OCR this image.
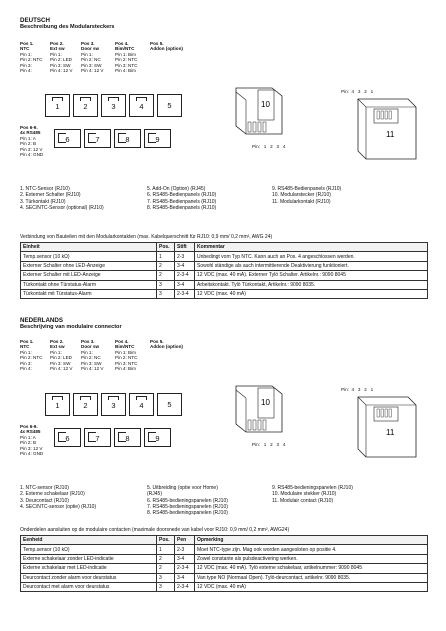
DEUTSCH
Beschreibung des Modularsteckers
Pos 1.
NTC
Pin 1:
Pin 2: NTC
Pin 3:
Pin 4:
Pos 2.
Ext sw
Pin 1:
Pin 2: LED
Pin 3: SW
Pin 4: 12 V
Pos 3.
Door sw
Pin 1:
Pin 2: NC
Pin 3: SW
Pin 4: 12 V
Pos 4.
Bim/NTC
Pin 1: Bim
Pin 2: NTC
Pin 3: NTC
Pin 4: Bim
Pos 5.
Addon (option)
1	2	3	4	5
Pos 6-9.
4x RS485
Pin 1: A
Pin 2: B
Pin 3: 12 V
Pin 4: GND
6	7	8	9
10
Pin:   1   2   3   4
Pin:  4   3   2   1
11
1. NTC-Sensor (RJ10)
2. Externer Schalter (RJ10)
3. Türkontakt (RJ10)
4. SEC/NTC-Sensor (optional) (RJ10)
5. Add-On (Option) (RJ45)
6. RS485-Bedienpanels (RJ10)
7. RS485-Bedienpanels (RJ10)
8. RS485-Bedienpanels (RJ10)
9. RS485-Bedienpanels (RJ10)
10. Modularstecker (RJ10)
11. Modularkontakt (RJ10)
Verbindung von Bauteilen mit den Modularkontakten (max. Kabelquerschnitt für RJ10: 0,9 mm/ 0,2 mm², AWG 24)
Einheit	Pos.	Stift	Kommentar
Temp.sensor (10 kΩ)	1	2-3	Unbedingt vom Typ NTC. Kann auch an Pos. 4 angeschlossen werden.
Externer Schalter ohne LED-Anzeige	2	3-4	Sowohl ständige als auch intermittierende Deaktivierung funktioniert.
Externer Schalter mit LED-Anzeige	2	2-3-4	12 VDC (max. 40 mA). Externer Tylö Schalter. Artikelnr.: 9090 8045
Türkontakt ohne Türstatus-Alarm	3	3-4	Arbeitskontakt. Tylö Türkontakt, Artikelnr.: 9090 8035.
Türkontakt mit Türstatus-Alarm	3	2-3-4	12 VDC (max. 40 mA)
NEDERLANDS
Beschrijving van modulaire connector
Pos 1.
NTC
Pin 1:
Pin 2: NTC
Pin 3:
Pin 4:
Pos 2.
Ext sw
Pin 1:
Pin 2: LED
Pin 3: SW
Pin 4: 12 V
Pos 3.
Door sw
Pin 1:
Pin 2: NC
Pin 3: SW
Pin 4: 12 V
Pos 4.
Bim/NTC
Pin 1: Bim
Pin 2: NTC
Pin 3: NTC
Pin 4: Bim
Pos 5.
Addon (option)
1	2	3	4	5
Pos 6-9.
4x RS485
Pin 1: A
Pin 2: B
Pin 3: 12 V
Pin 4: GND
6	7	8	9
10
Pin:   1   2   3   4
Pin:  4   3   2   1
11
1. NTC-sensor (RJ10)
2. Externe schakelaar (RJ10)
3. Deurcontact (RJ10)
4. SEC/NTC-sensor (optie) (RJ10)
5. Uitbreiding (optie voor Home)
(RJ45)
6. RS485-bedieningspanelen (RJ10)
7. RS485-bedieningspanelen (RJ10)
8. RS485-bedieningspanelen (RJ10)
9. RS485-bedieningspanelen (RJ10)
10. Modulaire stekker (RJ10)
11. Modulair contact (RJ10)
Onderdelen aansluiten op de modulaire contacten (maximale doorsnede van kabel voor RJ10: 0,9 mm/ 0,2 mm², AWG24)
Eenheid	Pos.	Pen	Opmerking
Temp.sensor (10 kΩ)	1	2-3	Moet NTC-type zijn. Mag ook worden aangesloten op positie 4.
Externe schakelaar zonder LED-indicatie	2	3-4	Zowel constante als pulsdeactivering werken.
Externe schakelaar met LED-indicatie	2	2-3-4	12 VDC (max. 40 mA). Tylö externe schakelaar, artikelnummer: 9090 8045
Deurcontact zonder alarm voor deurstatus	3	3-4	Van type NO (Normaal Open). Tylö-deurcontact, artikelnr. 9090 8035.
Deurcontact met alarm voor deurstatus	3	2-3-4	12 VDC (max. 40 mA)
